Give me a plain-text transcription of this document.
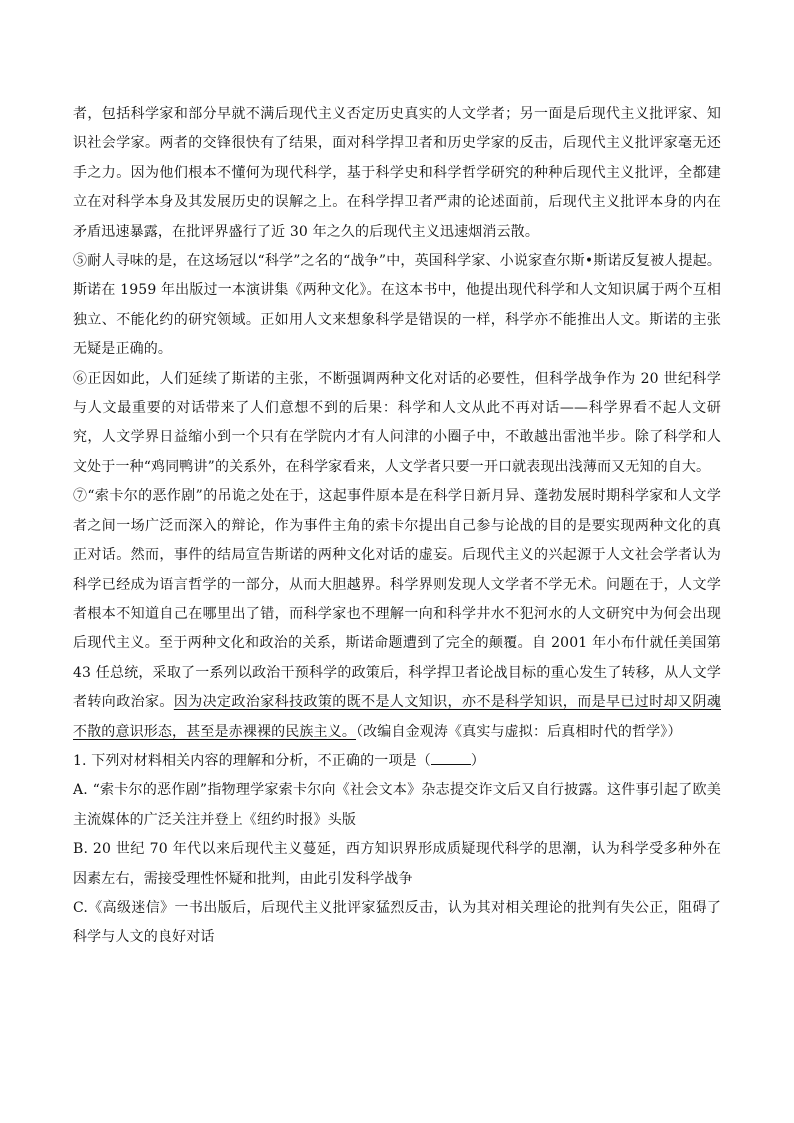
者，包括科学家和部分早就不满后现代主义否定历史真实的人文学者；另一面是后现代主义批评家、知识社会学家。两者的交锋很快有了结果，面对科学捍卫者和历史学家的反击，后现代主义批评家毫无还手之力。因为他们根本不懂何为现代科学，基于科学史和科学哲学研究的种种后现代主义批评，全都建立在对科学本身及其发展历史的误解之上。在科学捍卫者严肃的论述面前，后现代主义批评本身的内在矛盾迅速暴露，在批评界盛行了近 30 年之久的后现代主义迅速烟消云散。

⑤耐人寻味的是，在这场冠以“科学”之名的“战争”中，英国科学家、小说家查尔斯•斯诺反复被人提起。斯诺在 1959 年出版过一本演讲集《两种文化》。在这本书中，他提出现代科学和人文知识属于两个互相独立、不能化约的研究领域。正如用人文来想象科学是错误的一样，科学亦不能推出人文。斯诺的主张无疑是正确的。

⑥正因如此，人们延续了斯诺的主张，不断强调两种文化对话的必要性，但科学战争作为 20 世纪科学与人文最重要的对话带来了人们意想不到的后果：科学和人文从此不再对话——科学界看不起人文研究，人文学界日益缩小到一个只有在学院内才有人问津的小圈子中，不敢越出雷池半步。除了科学和人文处于一种“鸡同鸭讲”的关系外，在科学家看来，人文学者只要一开口就表现出浅薄而又无知的自大。

⑦“索卡尔的恶作剧”的吊诡之处在于，这起事件原本是在科学日新月异、蓬勃发展时期科学家和人文学者之间一场广泛而深入的辩论，作为事件主角的索卡尔提出自己参与论战的目的是要实现两种文化的真正对话。然而，事件的结局宣告斯诺的两种文化对话的虚妄。后现代主义的兴起源于人文社会学者认为科学已经成为语言哲学的一部分，从而大胆越界。科学界则发现人文学者不学无术。问题在于，人文学者根本不知道自己在哪里出了错，而科学家也不理解一向和科学井水不犯河水的人文研究中为何会出现后现代主义。至于两种文化和政治的关系，斯诺命题遭到了完全的颠覆。自 2001 年小布什就任美国第 43 任总统，采取了一系列以政治干预科学的政策后，科学捍卫者论战目标的重心发生了转移，从人文学者转向政治家。因为决定政治家科技政策的既不是人文知识，亦不是科学知识，而是早已过时却又阴魂不散的意识形态，甚至是赤裸裸的民族主义。（改编自金观涛《真实与虚拟：后真相时代的哲学》）

1. 下列对材料相关内容的理解和分析，不正确的一项是（	）

A. “索卡尔的恶作剧”指物理学家索卡尔向《社会文本》杂志提交诈文后又自行披露。这件事引起了欧美主流媒体的广泛关注并登上《纽约时报》头版

B. 20 世纪 70 年代以来后现代主义蔓延，西方知识界形成质疑现代科学的思潮，认为科学受多种外在因素左右，需接受理性怀疑和批判，由此引发科学战争

C.《高级迷信》一书出版后，后现代主义批评家猛烈反击，认为其对相关理论的批判有失公正，阻碍了科学与人文的良好对话
